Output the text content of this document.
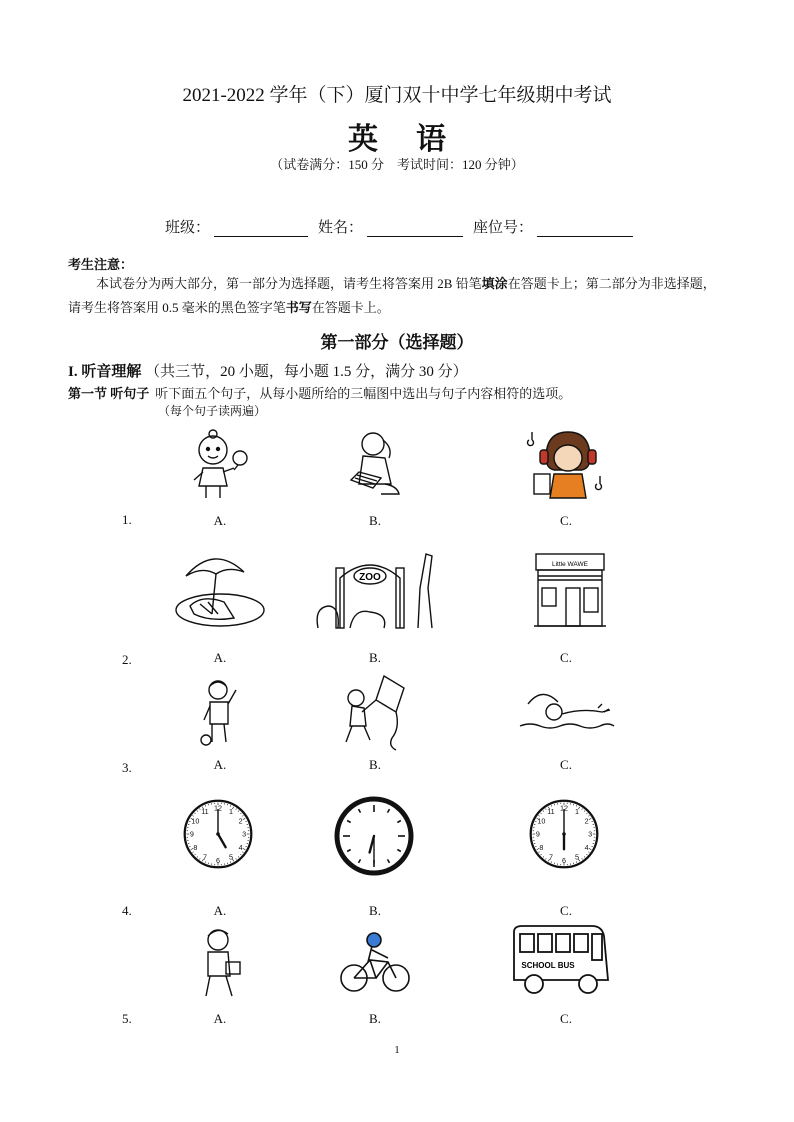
2021-2022 学年（下）厦门双十中学七年级期中考试
英语
（试卷满分：150 分　考试时间：120 分钟）
班级：	姓名：	座位号：
考生注意：
本试卷分为两大部分，第一部分为选择题，请考生将答案用 2B 铅笔填涂在答题卡上；第二部分为非选择题，请考生将答案用 0.5 毫米的黑色签字笔书写在答题卡上。
第一部分（选择题）
I. 听音理解 （共三节，20 小题，每小题 1.5 分，满分 30 分）
第一节 听句子 听下面五个句子，从每小题所给的三幅图中选出与句子内容相符的选项。
（每个句子读两遍）
1.	A.	B.	C.
ZOO
Little WAWE
2.	A.	B.	C.
3.	A.	B.	C.
1
2
3
4
5
6
7
8
9
10
11 12	1
2
3
4
5
6
7
8
9
10
11 12
4.	A.	B.	C.
SCHOOL BUS
5.	A.	B.	C.
1
